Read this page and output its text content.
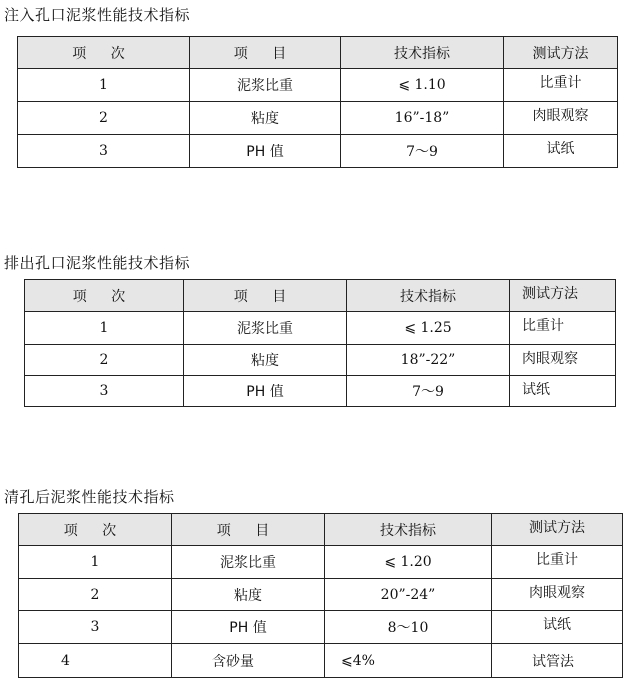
注入孔口泥浆性能技术指标
项 次	项 目	技术指标	测试方法
1	泥浆比重	⩽ 1.10	比重计
2	粘度	16”-18”	肉眼观察
3	PH 值	7～9	试纸
排出孔口泥浆性能技术指标
项 次	项 目	技术指标	测试方法
1	泥浆比重	⩽ 1.25	比重计
2	粘度	18”-22”	肉眼观察
3	PH 值	7～9	试纸
清孔后泥浆性能技术指标
项 次	项 目	技术指标	测试方法
1	泥浆比重	⩽ 1.20	比重计
2	粘度	20”-24”	肉眼观察
3	PH 值	8～10	试纸
4	含砂量	⩽4%	试管法
